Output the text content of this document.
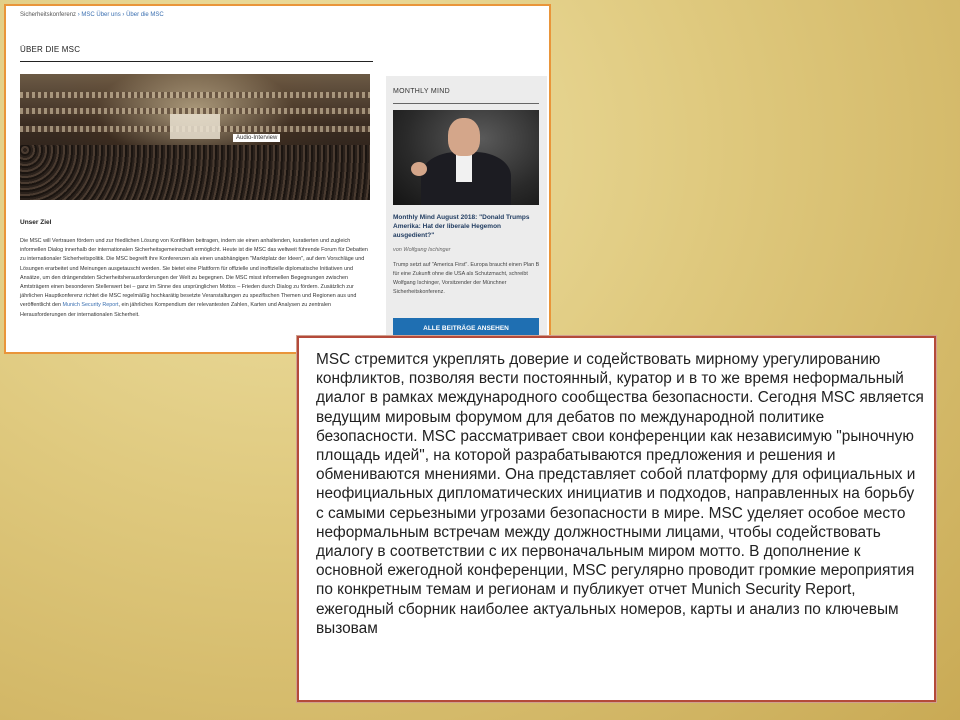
Sicherheitskonferenz › MSC Über uns › Über die MSC
ÜBER DIE MSC
Audio-Interview
Unser Ziel
Die MSC will Vertrauen fördern und zur friedlichen Lösung von Konflikten beitragen, indem sie einen anhaltenden, kuratierten und zugleich informellen Dialog innerhalb der internationalen Sicherheitsgemeinschaft ermöglicht. Heute ist die MSC das weltweit führende Forum für Debatten zu internationaler Sicherheitspolitik. Die MSC begreift ihre Konferenzen als einen unabhängigen "Marktplatz der Ideen", auf dem Vorschläge und Lösungen erarbeitet und Meinungen ausgetauscht werden. Sie bietet eine Plattform für offizielle und inoffizielle diplomatische Initiativen und Ansätze, um den drängendsten Sicherheitsherausforderungen der Welt zu begegnen. Die MSC misst informellen Begegnungen zwischen Amtsträgern einen besonderen Stellenwert bei – ganz im Sinne des ursprünglichen Mottos – Frieden durch Dialog zu fördern. Zusätzlich zur jährlichen Hauptkonferenz richtet die MSC regelmäßig hochkarätig besetzte Veranstaltungen zu spezifischen Themen und Regionen aus und veröffentlicht den Munich Security Report, ein jährliches Kompendium der relevantesten Zahlen, Karten und Analysen zu zentralen Herausforderungen der internationalen Sicherheit.
MONTHLY MIND
Monthly Mind August 2018: "Donald Trumps Amerika: Hat der liberale Hegemon ausgedient?"
von Wolfgang Ischinger
Trump setzt auf "America First". Europa braucht einen Plan B für eine Zukunft ohne die USA als Schutzmacht, schreibt Wolfgang Ischinger, Vorsitzender der Münchner Sicherheitskonferenz.
ALLE BEITRÄGE ANSEHEN

MSC стремится укреплять доверие и содействовать мирному урегулированию конфликтов, позволяя вести постоянный, куратор и в то же время неформальный диалог в рамках международного сообщества безопасности. Сегодня MSC является ведущим мировым форумом для дебатов по международной политике безопасности. MSC рассматривает свои конференции как независимую "рыночную площадь идей", на которой разрабатываются предложения и решения и обмениваются мнениями. Она представляет собой платформу для официальных и неофициальных дипломатических инициатив и подходов, направленных на борьбу с самыми серьезными угрозами безопасности в мире. MSC уделяет особое место неформальным встречам между должностными лицами, чтобы содействовать диалогу в соответствии с их первоначальным миром мотто. В дополнение к основной ежегодной конференции, MSC регулярно проводит громкие мероприятия по конкретным темам и регионам и публикует отчет Munich Security Report, ежегодный сборник наиболее актуальных номеров, карты и анализ по ключевым вызовам
